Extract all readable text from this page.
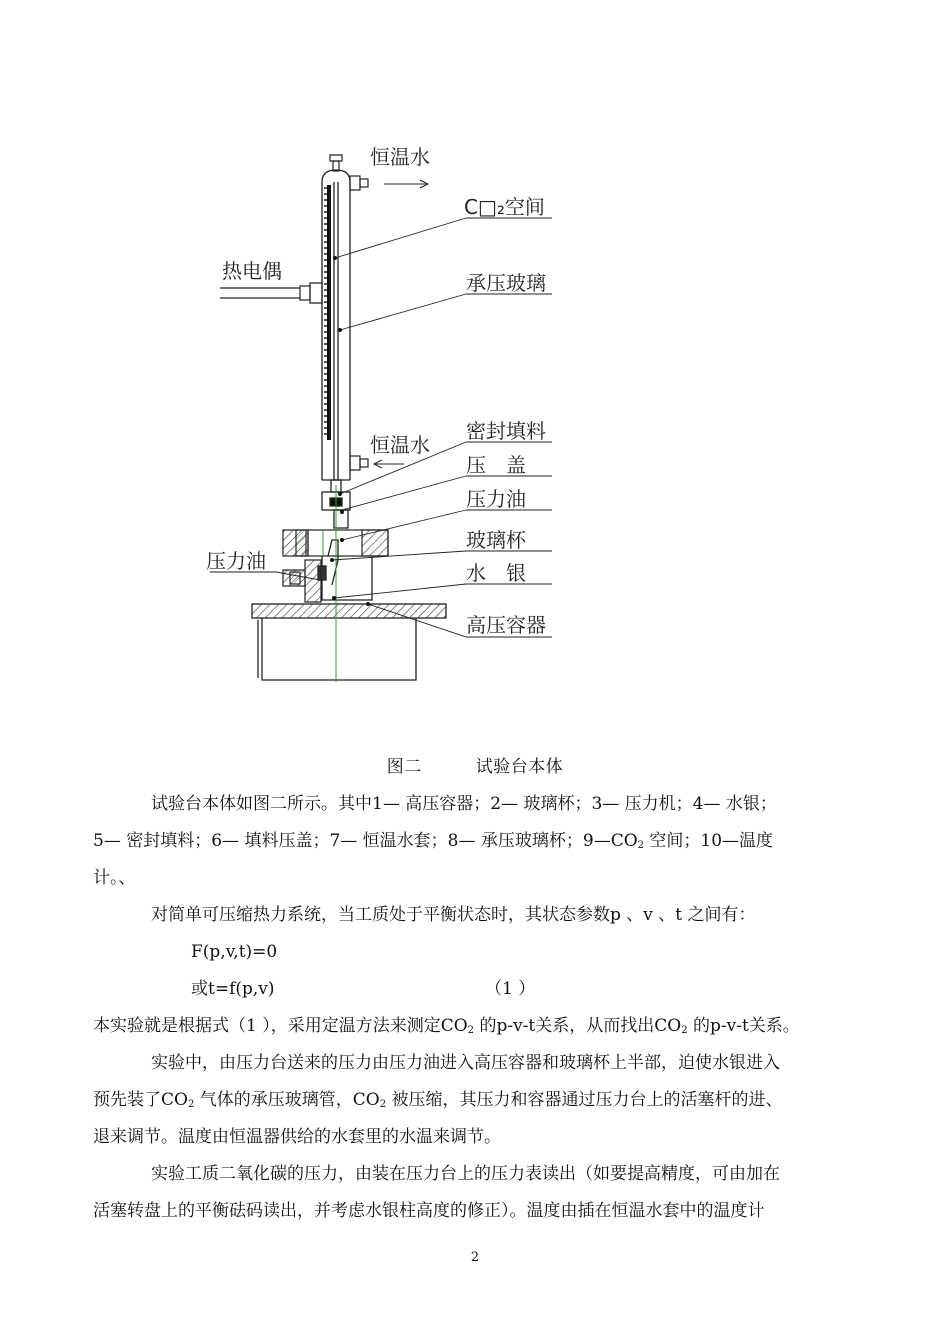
恒温水
C□₂空间
热电偶	承压玻璃
密封填料
恒温水
压　盖
压力油
玻璃杯
压力油	水　银
高压容器
图二	试验台本体

试验台本体如图二所示。其中1— 高压容器；2— 玻璃杯；3— 压力机；4— 水银；

5— 密封填料；6— 填料压盖；7— 恒温水套；8— 承压玻璃杯；$9—CO_2$ 空间；10—温度

计。、

对简单可压缩热力系统，当工质处于平衡状态时，其状态参数p 、v 、t 之间有：

F(p,v,t)=0

或t=f(p,v)	（1 ）

本实验就是根据式（1 ），采用定温方法来测定$CO_2$ 的p-v-t关系，从而找出$CO_2$ 的p-v-t关系。

实验中，由压力台送来的压力由压力油进入高压容器和玻璃杯上半部，迫使水银进入

预先装了$CO_2$ 气体的承压玻璃管，$CO_2$ 被压缩，其压力和容器通过压力台上的活塞杆的进、

退来调节。温度由恒温器供给的水套里的水温来调节。

实验工质二氧化碳的压力，由装在压力台上的压力表读出（如要提高精度，可由加在

活塞转盘上的平衡砝码读出，并考虑水银柱高度的修正）。温度由插在恒温水套中的温度计

2
